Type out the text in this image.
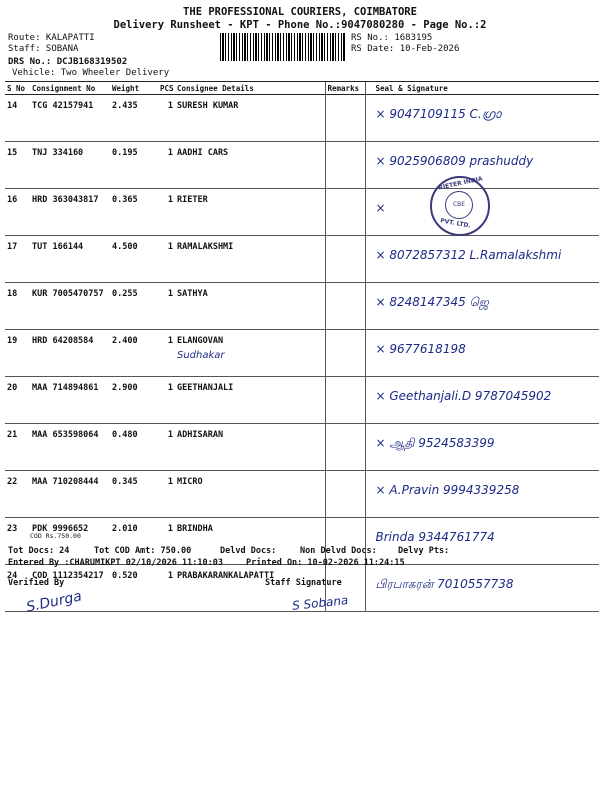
THE PROFESSIONAL COURIERS, COIMBATORE
Delivery Runsheet - KPT - Phone No.:9047080280 - Page No.:2
Route: KALAPATTI
Staff: SOBANA
DRS No.: DCJB168319502
Vehicle: Two Wheeler Delivery
RS No.: 1683195
RS Date: 10-Feb-2026
S No	Consignment No	Weight	PCS	Consignee Details	Remarks	Seal & Signature
14	TCG 42157941	2.435	1	SURESH KUMAR		× 9047109115 C.ഗ്രാ

15	TNJ 334160	0.195	1	AADHI CARS		× 9025906809 prashuddy

16	HRD 363043817	0.365	1	RIETER		×

17	TUT 166144	4.500	1	RAMALAKSHMI		× 8072857312 L.Ramalakshmi

18	KUR 7005470757	0.255	1	SATHYA		× 8248147345 ஜெ

19	HRD 64208584	2.400	1	ELANGOVAN
Sudhakar		× 9677618198

20	MAA 714894861	2.900	1	GEETHANJALI		× Geethanjali.D 9787045902

21	MAA 653598064	0.480	1	ADHISARAN		× ஆதி 9524583399

22	MAA 710208444	0.345	1	MICRO		× A.Pravin 9994339258

23	PDK 9996652	2.010	1	BRINDHA		Brinda 9344761774

24	COD 1112354217	0.520	1	PRABAKARANKALAPATTI		பிரபாகரன் 7010557738
RIETER INDIA
CBE
PVT. LTD.
COD Rs.750.00
Tot Docs: 24	Tot COD Amt: 750.00	Delvd Docs:	Non Delvd Docs: Delvy Pts:
Entered By :CHARUMIKPT 02/10/2026 11:10:03	Printed On: 10-02-2026 11:24:15
Verified By	Staff Signature
S.Durga	S Sobana
